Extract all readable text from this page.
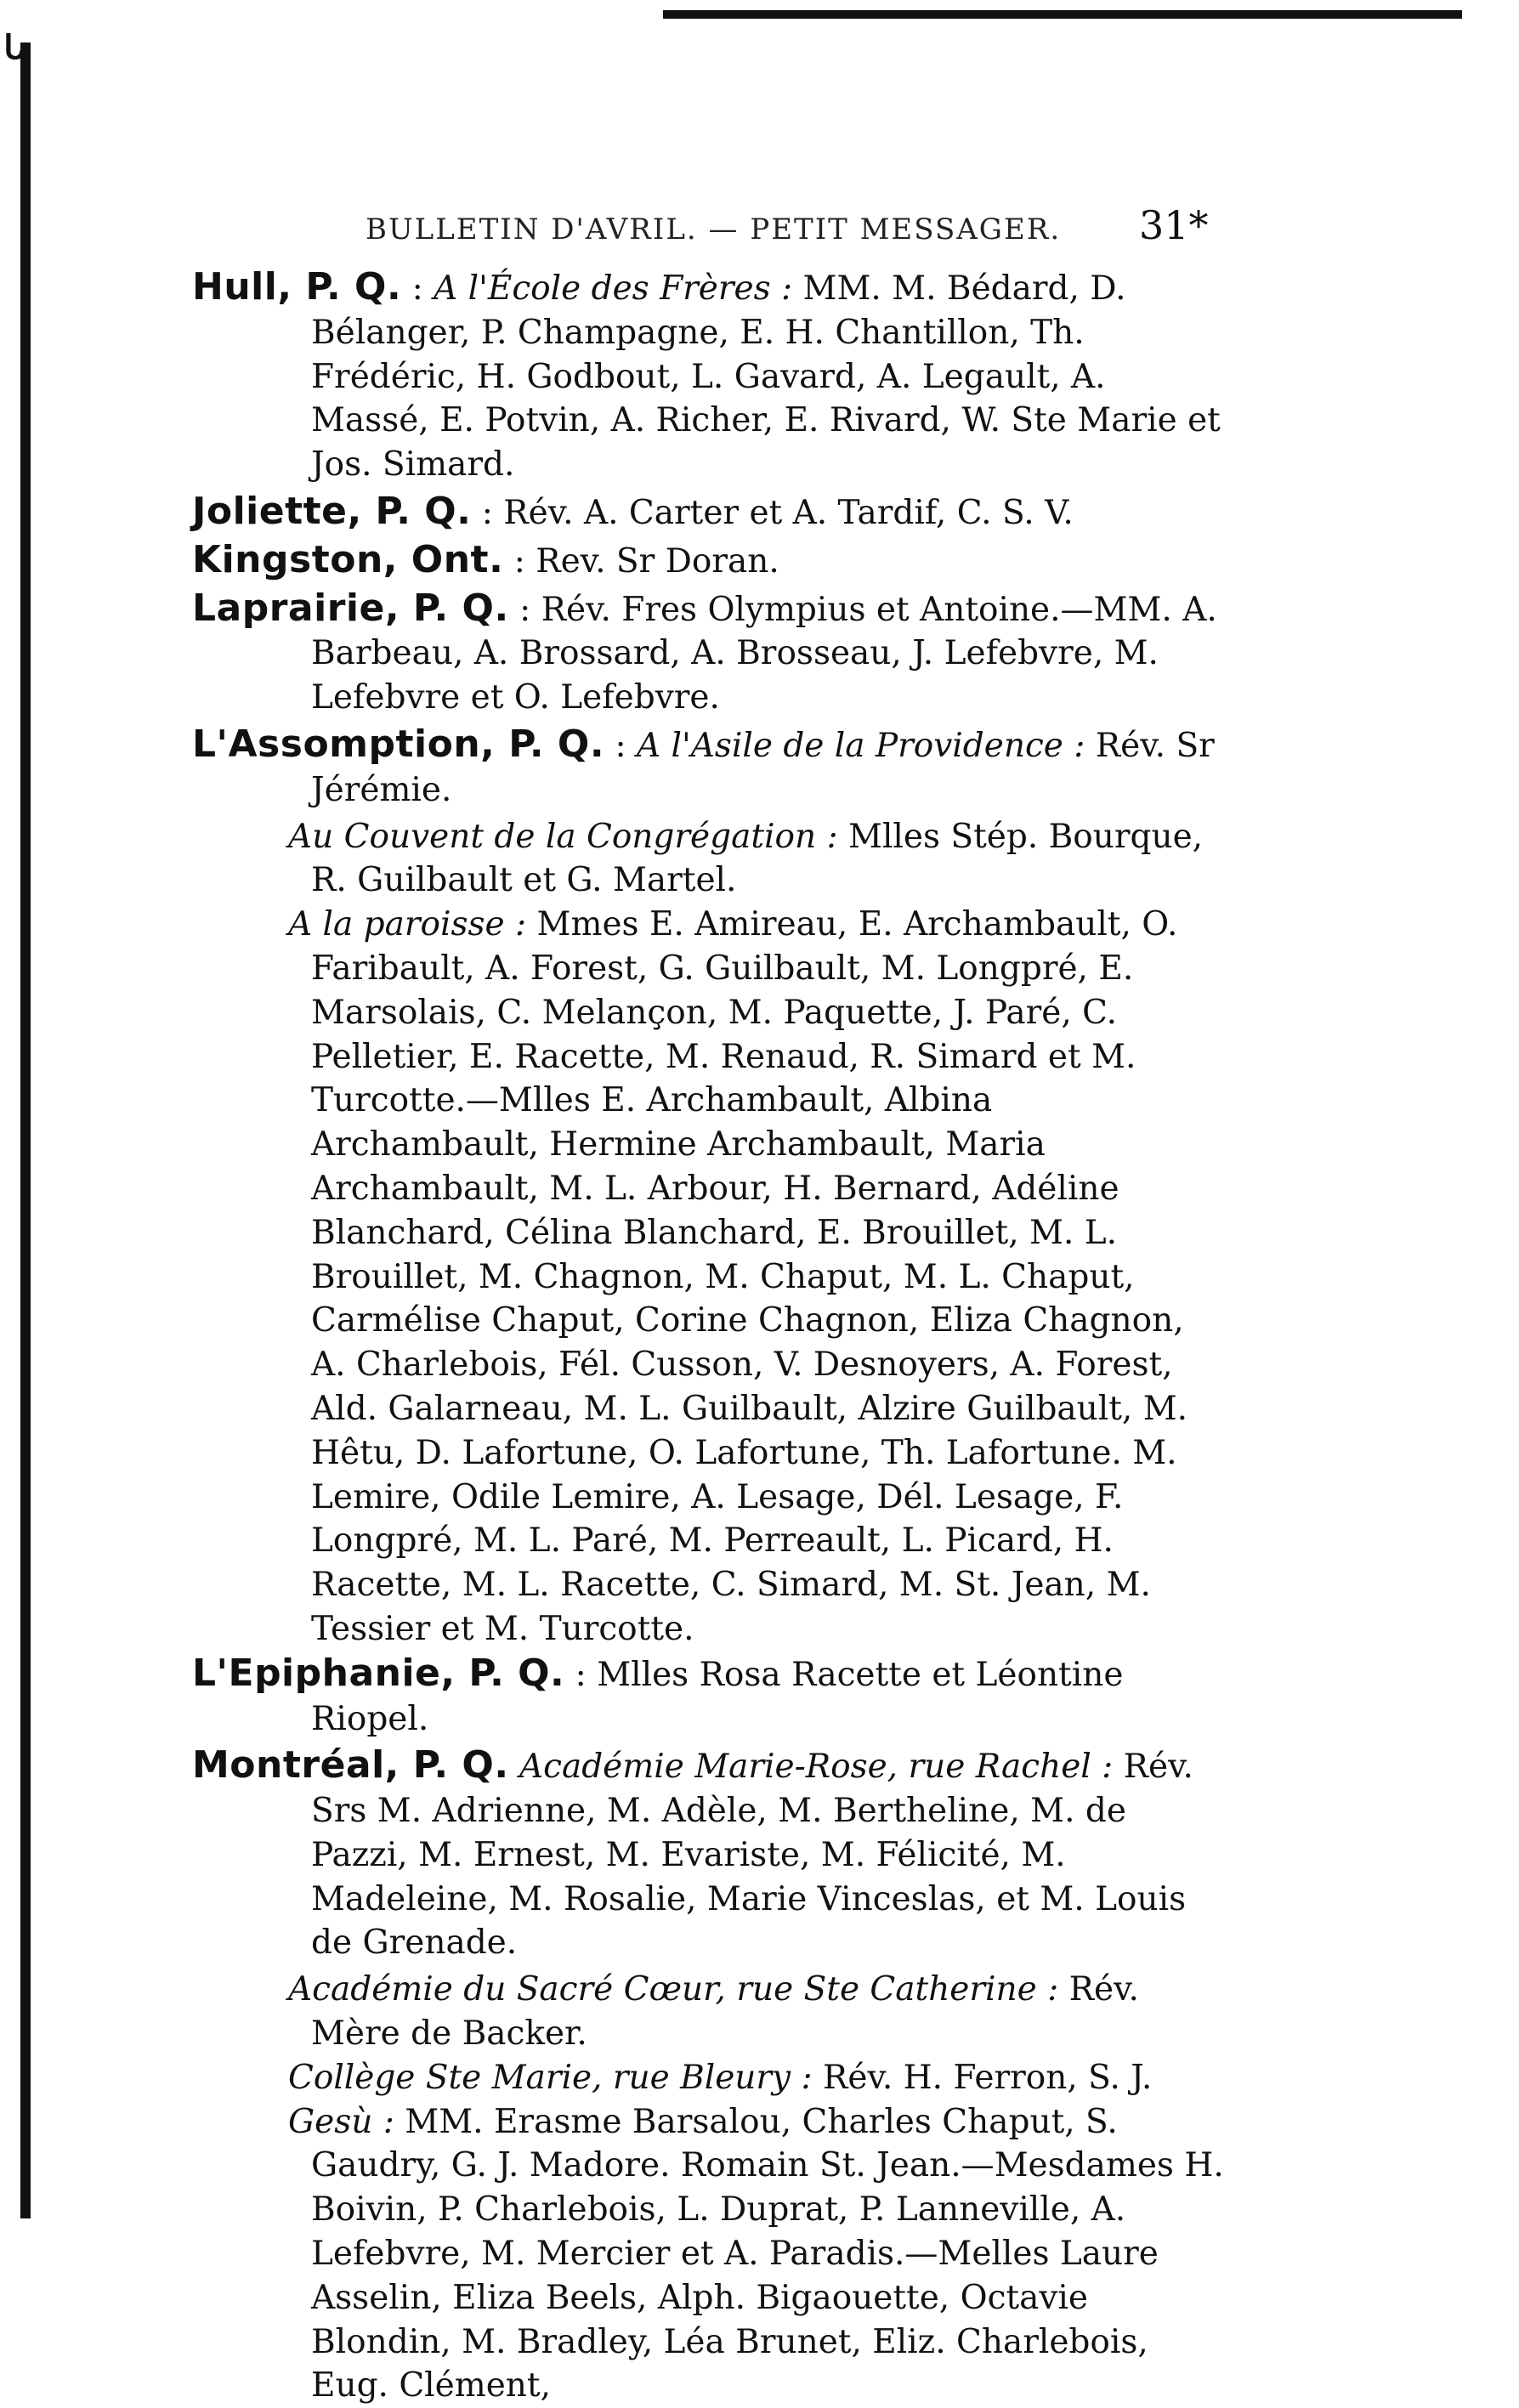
ᒐ
BULLETIN D'AVRIL. — PETIT MESSAGER.	31*

Hull, P. Q. : A l'École des Frères : MM. M. Bédard, D. Bélanger, P. Champagne, E. H. Chantillon, Th. Frédéric, H. Godbout, L. Gavard, A. Legault, A. Massé, E. Potvin, A. Richer, E. Rivard, W. Ste Marie et Jos. Simard.

Joliette, P. Q. : Rév. A. Carter et A. Tardif, C. S. V.

Kingston, Ont. : Rev. Sr Doran.

Laprairie, P. Q. : Rév. Fres Olympius et Antoine.—MM. A. Barbeau, A. Brossard, A. Brosseau, J. Lefebvre, M. Lefebvre et O. Lefebvre.

L'Assomption, P. Q. : A l'Asile de la Providence : Rév. Sr Jérémie.

Au Couvent de la Congrégation : Mlles Stép. Bourque, R. Guilbault et G. Martel.

A la paroisse : Mmes E. Amireau, E. Archambault, O. Faribault, A. Forest, G. Guilbault, M. Longpré, E. Marsolais, C. Melançon, M. Paquette, J. Paré, C. Pelletier, E. Racette, M. Renaud, R. Simard et M. Turcotte.—Mlles E. Archambault, Albina Archambault, Hermine Archambault, Maria Archambault, M. L. Arbour, H. Bernard, Adéline Blanchard, Célina Blanchard, E. Brouillet, M. L. Brouillet, M. Chagnon, M. Chaput, M. L. Chaput, Carmélise Chaput, Corine Chagnon, Eliza Chagnon, A. Charlebois, Fél. Cusson, V. Desnoyers, A. Forest, Ald. Galarneau, M. L. Guilbault, Alzire Guilbault, M. Hêtu, D. Lafortune, O. Lafortune, Th. Lafortune. M. Lemire, Odile Lemire, A. Lesage, Dél. Lesage, F. Longpré, M. L. Paré, M. Perreault, L. Picard, H. Racette, M. L. Racette, C. Simard, M. St. Jean, M. Tessier et M. Turcotte.

L'Epiphanie, P. Q. : Mlles Rosa Racette et Léontine Riopel.

Montréal, P. Q. Académie Marie-Rose, rue Rachel : Rév. Srs M. Adrienne, M. Adèle, M. Bertheline, M. de Pazzi, M. Ernest, M. Evariste, M. Félicité, M. Madeleine, M. Rosalie, Marie Vinceslas, et M. Louis de Grenade.

Académie du Sacré Cœur, rue Ste Catherine : Rév. Mère de Backer.

Collège Ste Marie, rue Bleury : Rév. H. Ferron, S. J.

Gesù : MM. Erasme Barsalou, Charles Chaput, S. Gaudry, G. J. Madore. Romain St. Jean.—Mesdames H. Boivin, P. Charlebois, L. Duprat, P. Lanneville, A. Lefebvre, M. Mercier et A. Paradis.—Melles Laure Asselin, Eliza Beels, Alph. Bigaouette, Octavie Blondin, M. Bradley, Léa Brunet, Eliz. Charlebois, Eug. Clément,
